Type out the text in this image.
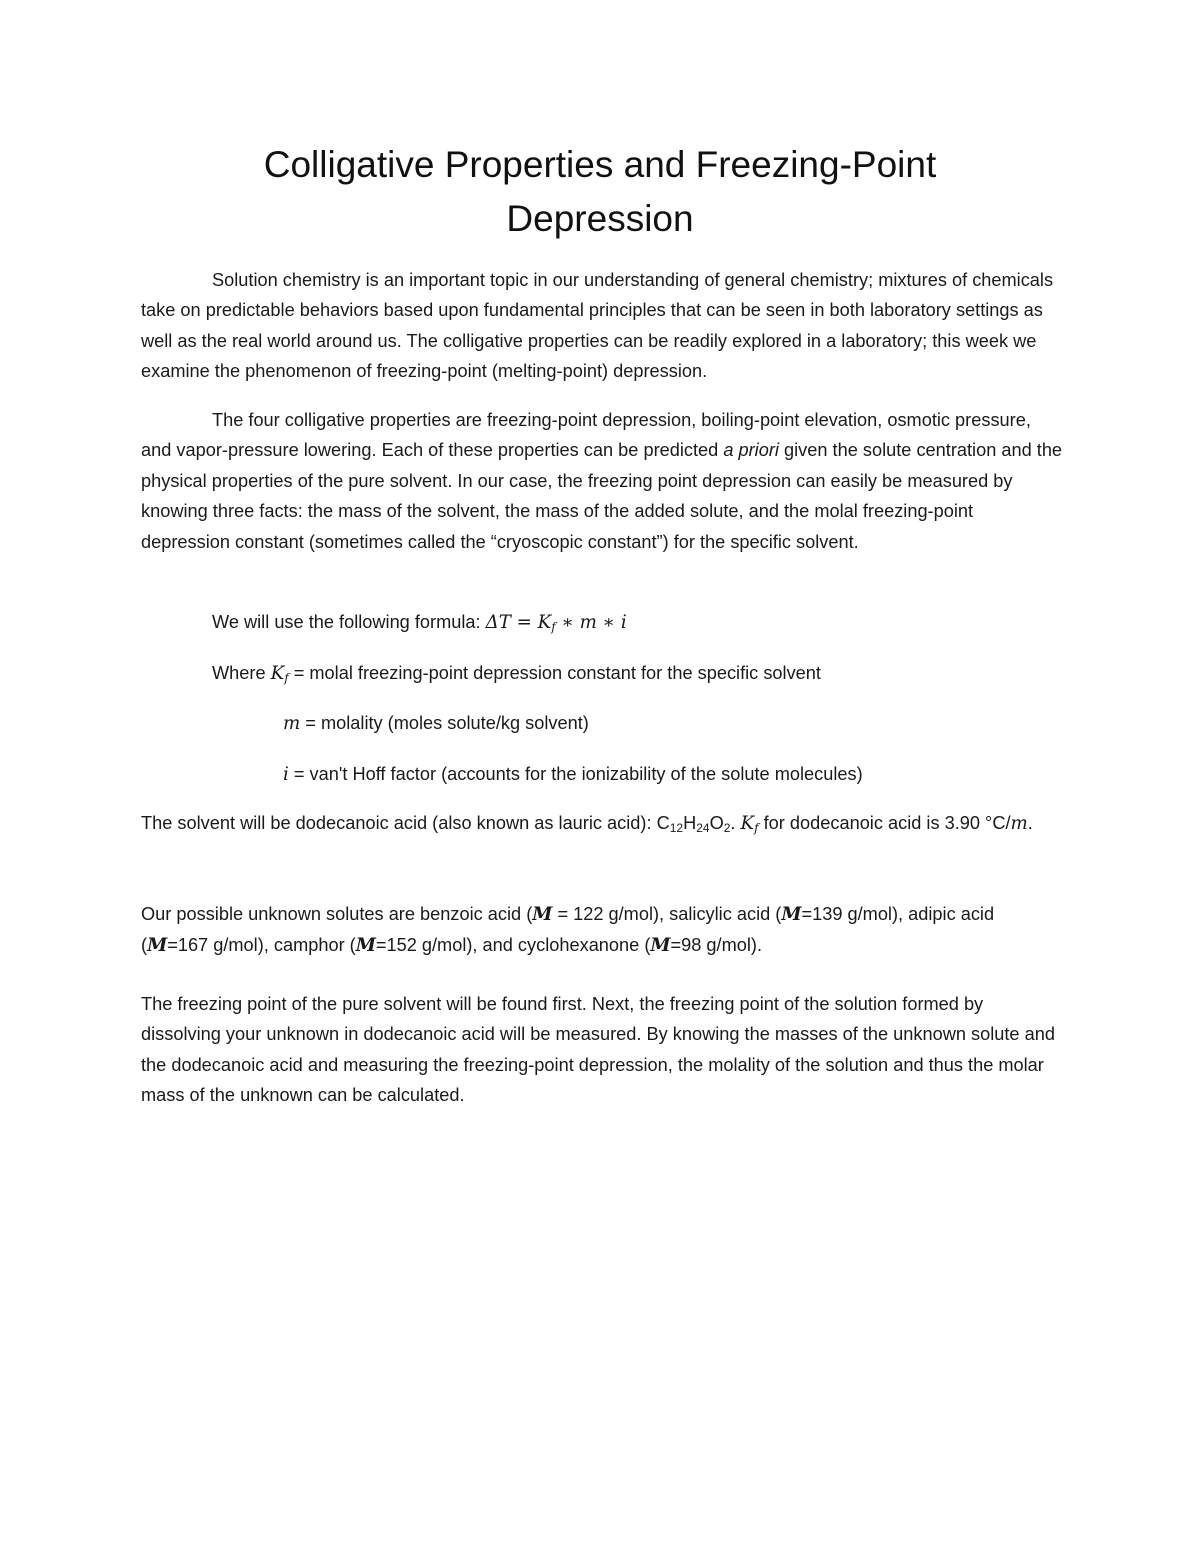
Colligative Properties and Freezing-Point
Depression

Solution chemistry is an important topic in our understanding of general chemistry; mixtures of chemicals take on predictable behaviors based upon fundamental principles that can be seen in both laboratory settings as well as the real world around us. The colligative properties can be readily explored in a laboratory; this week we examine the phenomenon of freezing-point (melting-point) depression.

The four colligative properties are freezing-point depression, boiling-point elevation, osmotic pressure, and vapor-pressure lowering. Each of these properties can be predicted a priori given the solute centration and the physical properties of the pure solvent. In our case, the freezing point depression can easily be measured by knowing three facts: the mass of the solvent, the mass of the added solute, and the molal freezing-point depression constant (sometimes called the “cryoscopic constant”) for the specific solvent.

We will use the following formula: $\Delta T = K_f$ ∗ m ∗ i
Where $K_f$ = molal freezing-point depression constant for the specific solvent
m = molality (moles solute/kg solvent)
i = van't Hoff factor (accounts for the ionizability of the solute molecules)
The solvent will be dodecanoic acid (also known as lauric acid): $C_{12}H_{24}O_2$. $K_f$ for dodecanoic acid is 3.90 °C/m.

Our possible unknown solutes are benzoic acid (M = 122 g/mol), salicylic acid (M=139 g/mol), adipic acid (M=167 g/mol), camphor (M=152 g/mol), and cyclohexanone (M=98 g/mol).

The freezing point of the pure solvent will be found first. Next, the freezing point of the solution formed by dissolving your unknown in dodecanoic acid will be measured. By knowing the masses of the unknown solute and the dodecanoic acid and measuring the freezing-point depression, the molality of the solution and thus the molar mass of the unknown can be calculated.
